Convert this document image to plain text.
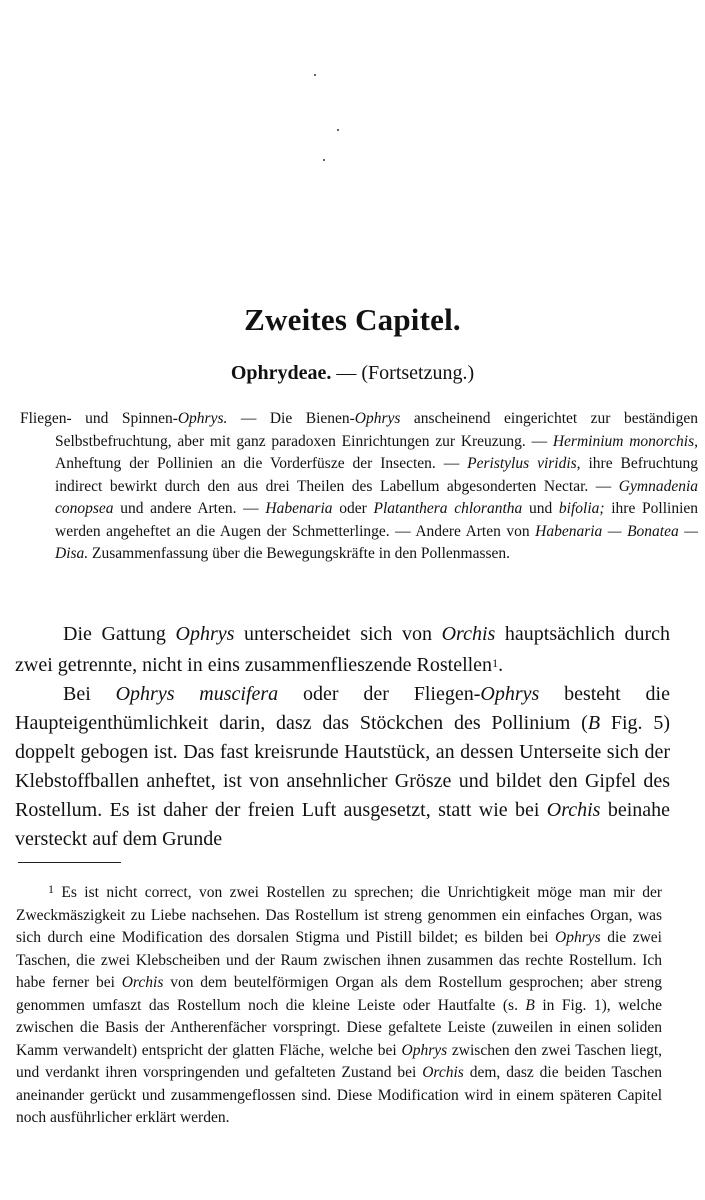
Zweites Capitel.
Ophrydeae. — (Fortsetzung.)

Fliegen- und Spinnen-Ophrys. — Die Bienen-Ophrys anscheinend eingerichtet zur beständigen Selbstbefruchtung, aber mit ganz paradoxen Einrichtungen zur Kreuzung. — Herminium monorchis, Anheftung der Pollinien an die Vorderfüsze der Insecten. — Peristylus viridis, ihre Befruchtung indirect bewirkt durch den aus drei Theilen des Labellum abgesonderten Nectar. — Gymnadenia conopsea und andere Arten. — Habenaria oder Platanthera chlorantha und bifolia; ihre Pollinien werden angeheftet an die Augen der Schmetterlinge. — Andere Arten von Habenaria — Bonatea — Disa. Zusammenfassung über die Bewegungskräfte in den Pollenmassen.

Die Gattung Ophrys unterscheidet sich von Orchis hauptsächlich durch zwei getrennte, nicht in eins zusammenflieszende Rostellen$^1$.

Bei Ophrys muscifera oder der Fliegen-Ophrys besteht die Haupteigenthümlichkeit darin, dasz das Stöckchen des Pollinium (B Fig. 5) doppelt gebogen ist. Das fast kreisrunde Hautstück, an dessen Unterseite sich der Klebstoffballen anheftet, ist von ansehnlicher Grösze und bildet den Gipfel des Rostellum. Es ist daher der freien Luft ausgesetzt, statt wie bei Orchis beinahe versteckt auf dem Grunde

$^1$ Es ist nicht correct, von zwei Rostellen zu sprechen; die Unrichtigkeit möge man mir der Zweckmäszigkeit zu Liebe nachsehen. Das Rostellum ist streng genommen ein einfaches Organ, was sich durch eine Modification des dorsalen Stigma und Pistill bildet; es bilden bei Ophrys die zwei Taschen, die zwei Klebscheiben und der Raum zwischen ihnen zusammen das rechte Rostellum. Ich habe ferner bei Orchis von dem beutelförmigen Organ als dem Rostellum gesprochen; aber streng genommen umfaszt das Rostellum noch die kleine Leiste oder Hautfalte (s. B in Fig. 1), welche zwischen die Basis der Antherenfächer vorspringt. Diese gefaltete Leiste (zuweilen in einen soliden Kamm verwandelt) entspricht der glatten Fläche, welche bei Ophrys zwischen den zwei Taschen liegt, und verdankt ihren vorspringenden und gefalteten Zustand bei Orchis dem, dasz die beiden Taschen aneinander gerückt und zusammengeflossen sind. Diese Modification wird in einem späteren Capitel noch ausführlicher erklärt werden.
